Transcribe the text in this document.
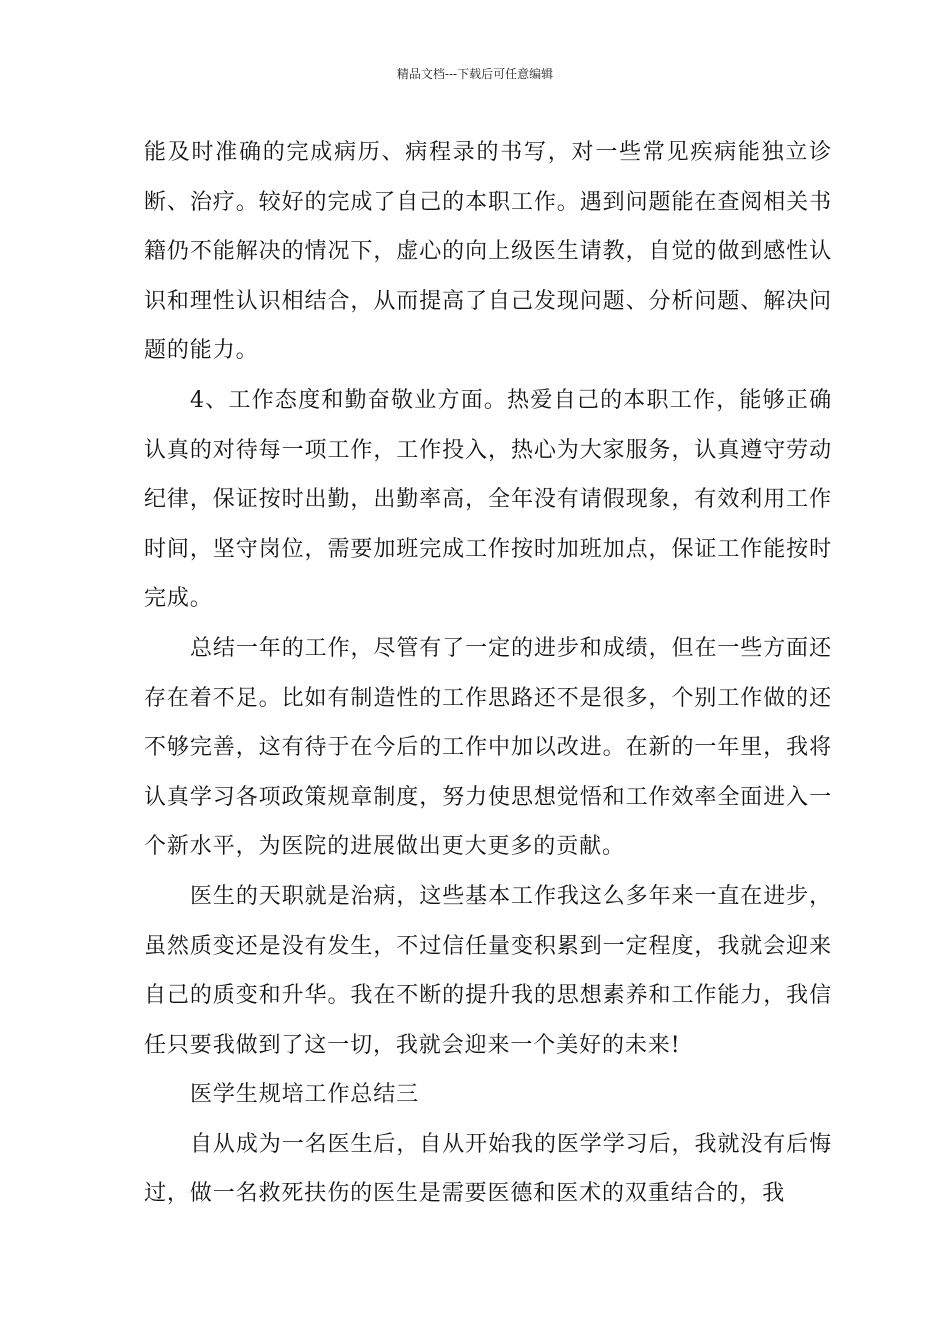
精品文档---下载后可任意编辑

能及时准确的完成病历、病程录的书写，对一些常见疾病能独立诊断、治疗。较好的完成了自己的本职工作。遇到问题能在查阅相关书籍仍不能解决的情况下，虚心的向上级医生请教，自觉的做到感性认识和理性认识相结合，从而提高了自己发现问题、分析问题、解决问题的能力。

4、工作态度和勤奋敬业方面。热爱自己的本职工作，能够正确认真的对待每一项工作，工作投入，热心为大家服务，认真遵守劳动纪律，保证按时出勤，出勤率高，全年没有请假现象，有效利用工作时间，坚守岗位，需要加班完成工作按时加班加点，保证工作能按时完成。

总结一年的工作，尽管有了一定的进步和成绩，但在一些方面还存在着不足。比如有制造性的工作思路还不是很多，个别工作做的还不够完善，这有待于在今后的工作中加以改进。在新的一年里，我将认真学习各项政策规章制度，努力使思想觉悟和工作效率全面进入一个新水平，为医院的进展做出更大更多的贡献。

医生的天职就是治病，这些基本工作我这么多年来一直在进步，虽然质变还是没有发生，不过信任量变积累到一定程度，我就会迎来自己的质变和升华。我在不断的提升我的思想素养和工作能力，我信任只要我做到了这一切，我就会迎来一个美好的未来!

医学生规培工作总结三

自从成为一名医生后，自从开始我的医学学习后，我就没有后悔过，做一名救死扶伤的医生是需要医德和医术的双重结合的，我
